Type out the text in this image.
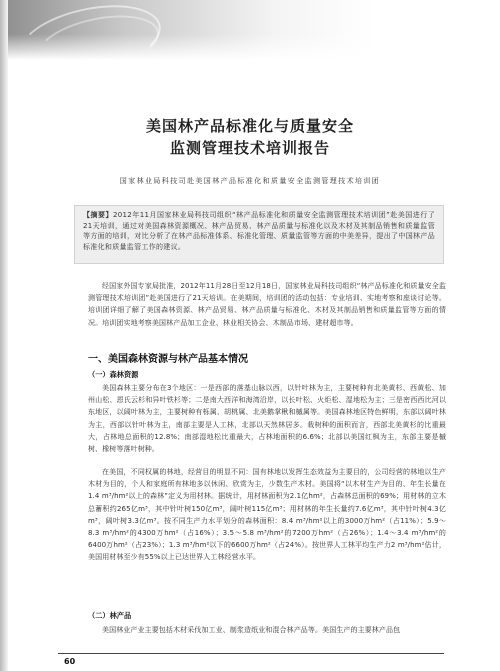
2012年
美国林产品标准化与质量安全
监测管理技术培训报告
国家林业局科技司赴美国林产品标准化和质量安全监测管理技术培训团
【摘要】2012年11月国家林业局科技司组织“林产品标准化和质量安全监测管理技术培训团”赴美国进行了21天培训，通过对美国森林资源概况、林产品贸易、林产品质量与标准化以及木材及其制品销售和质量监管等方面的培训，对比分析了在林产品标准体系、标准化管理、质量监管等方面的中美差异，提出了中国林产品标准化和质量监管工作的建议。

经国家外国专家局批准，2012年11月28日至12月18日，国家林业局科技司组织“林产品标准化和质量安全监测管理技术培训团”赴美国进行了21天培训。在美期间，培训团的活动包括：专业培训、实地考察和座谈讨论等。培训团详细了解了美国森林资源、林产品贸易、林产品质量与标准化、木材及其制品销售和质量监管等方面的情况。培训团实地考察美国林产品加工企业、林业相关协会、木制品市场、建材超市等。

一、美国森林资源与林产品基本情况
（一）森林资源

美国森林主要分布在3个地区：一是西部的落基山脉以西，以针叶林为主，主要树种有北美黄杉、西黄松、加州山松、恩氏云杉和异叶铁杉等；二是南大西洋和海湾沿岸，以长叶松、火炬松、湿地松为主；三是密西西比河以东地区，以阔叶林为主，主要树种有栎属、胡桃属、北美鹅掌楸和槭属等。美国森林地区特色鲜明，东部以阔叶林为主，西部以针叶林为主，南部主要是人工林，北部以天然林居多。栽树种的面积而言，西部北美黄杉的比重最大，占林地总面积的12.8%；南部湿地松比重最大，占林地面积的6.6%；北部以美国红枫为主，东部主要是槭树、橡树等落叶树种。

在美国，不同权属的林地，经营目的明显不同：国有林地以发挥生态效益为主要目的，公司经营的林地以生产木材为目的，个人和家庭所有林地多以休闲、欣赏为主，少数生产木材。美国将“以木材生产为目的、年生长量在1.4 m³/hm²以上的森林”定义为用材林。据统计，用材林面积为2.1亿hm²，占森林总面积的69%；用材林的立木总蓄积约265亿m³，其中针叶树150亿m³，阔叶树115亿m³；用材林的年生长量约7.6亿m³，其中针叶树4.3亿m³，阔叶树3.3亿m³。按不同生产力水平划分的森林面积：8.4 m³/hm²以上的3000万hm²（占11%）；5.9～8.3 m³/hm²的4300万hm²（占16%）；3.5～5.8 m³/hm²的7200万hm²（占26%）；1.4～3.4 m³/hm²的6400万hm²（占23%）；1.3 m³/hm²以下的6600万hm²（占24%）。按世界人工林平均生产力2 m³/hm²估计，美国用材林至少有55%以上已达世界人工林经营水平。

（二）林产品

美国林业产业主要包括木材采伐加工业、制浆造纸业和混合林产品等。美国生产的主要林产品包

60
